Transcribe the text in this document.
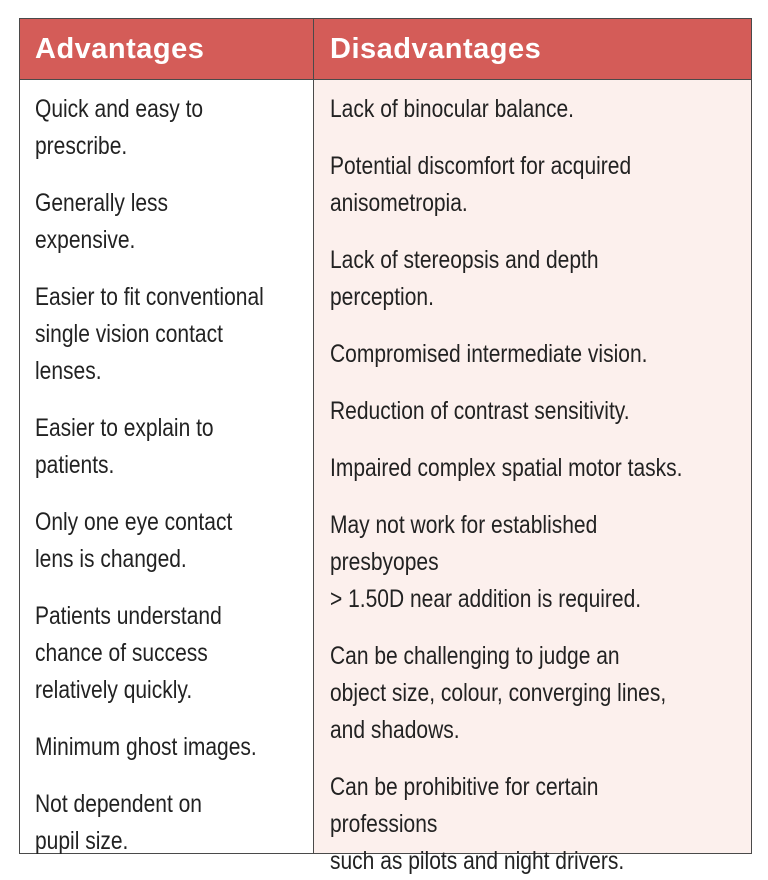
Advantages
Quick and easy to
prescribe.
Generally less expensive.
Easier to fit conventional
single vision contact
lenses.
Easier to explain to
patients.
Only one eye contact
lens is changed.
Patients understand
chance of success
relatively quickly.
Minimum ghost images.
Not dependent on
pupil size.
Disadvantages
Lack of binocular balance.
Potential discomfort for acquired
anisometropia.
Lack of stereopsis and depth perception.
Compromised intermediate vision.
Reduction of contrast sensitivity.
Impaired complex spatial motor tasks.
May not work for established presbyopes
> 1.50D near addition is required.
Can be challenging to judge an
object size, colour, converging lines,
and shadows.
Can be prohibitive for certain professions
such as pilots and night drivers.
